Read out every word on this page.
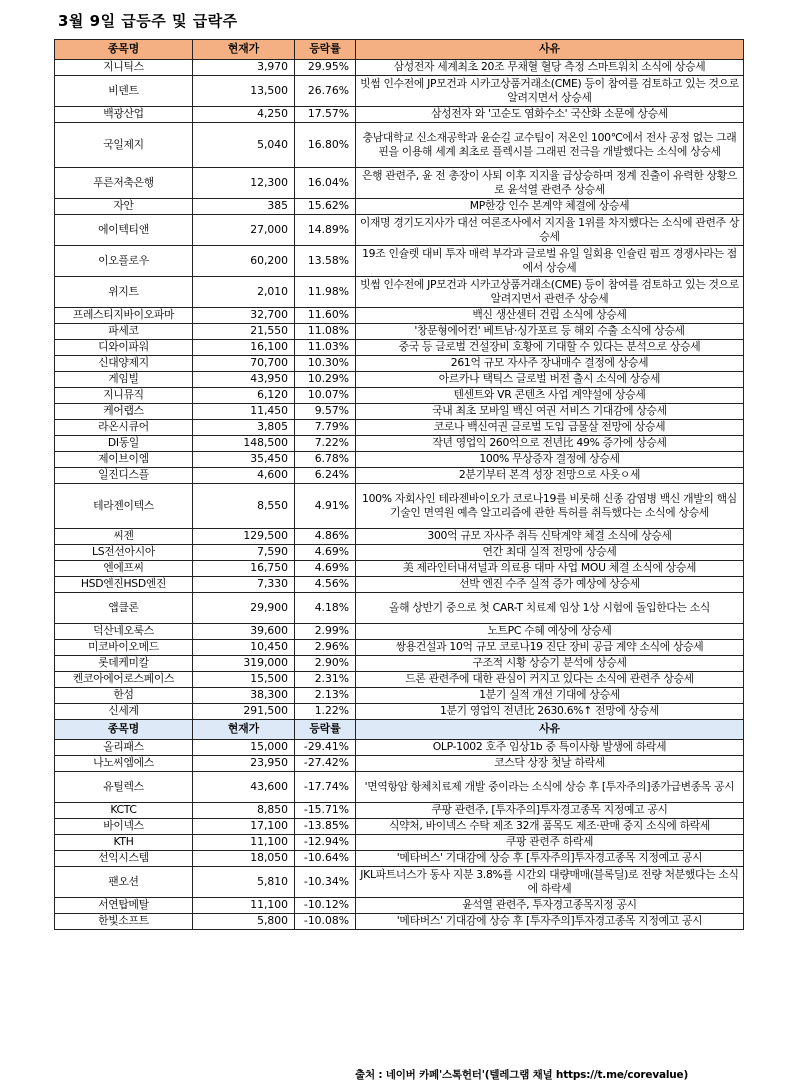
3월 9일 급등주 및 급락주
종목명	현재가	등락률	사유
지니틱스	3,970	29.95%	삼성전자 세계최초 20조 무채혈 혈당 측정 스마트워치 소식에 상승세
비덴트	13,500	26.76%	빗썸 인수전에 JP모건과 시카고상품거래소(CME) 등이 참여를 검토하고 있는 것으로 알려지면서 상승세
백광산업	4,250	17.57%	삼성전자 와 '고순도 염화수소' 국산화 소문에 상승세
국일제지	5,040	16.80%	충남대학교 신소재공학과 윤순길 교수팀이 저온인 100℃에서 전사 공정 없는 그래핀을 이용해 세계 최초로 플렉시블 그래핀 전극을 개발했다는 소식에 상승세
푸른저축은행	12,300	16.04%	은행 관련주, 윤 전 총장이 사퇴 이후 지지율 급상승하며 정계 진출이 유력한 상황으로 윤석열 관련주 상승세
자안	385	15.62%	MP한강 인수 본계약 체결에 상승세
에이텍티앤	27,000	14.89%	이재명 경기도지사가 대선 여론조사에서 지지율 1위를 차지했다는 소식에 관련주 상승세
이오플로우	60,200	13.58%	19조 인슐렛 대비 투자 매력 부각과 글로벌 유일 일회용 인슐린 펌프 경쟁사라는 점에서 상승세
위지트	2,010	11.98%	빗썸 인수전에 JP모건과 시카고상품거래소(CME) 등이 참여를 검토하고 있는 것으로 알려지면서 관련주 상승세
프레스티지바이오파마	32,700	11.60%	백신 생산센터 건립 소식에 상승세
파세코	21,550	11.08%	'창문형에어컨' 베트남·싱가포르 등 해외 수출 소식에 상승세
디와이파워	16,100	11.03%	중국 등 글로벌 건설장비 호황에 기대할 수 있다는 분석으로 상승세
신대양제지	70,700	10.30%	261억 규모 자사주 장내매수 결정에 상승세
게임빌	43,950	10.29%	아르카나 택틱스 글로벌 버전 출시 소식에 상승세
지니뮤직	6,120	10.07%	텐센트와 VR 콘텐츠 사업 계약설에 상승세
케어랩스	11,450	9.57%	국내 최초 모바일 백신 여권 서비스 기대감에 상승세
라온시큐어	3,805	7.79%	코로나 백신여권 글로벌 도입 급물살 전망에 상승세
DI동일	148,500	7.22%	작년 영업익 260억으로 전년比 49% 증가에 상승세
제이브이엠	35,450	6.78%	100% 무상증자 결정에 상승세
일진디스플	4,600	6.24%	2분기부터 본격 성장 전망으로 사옷ㅇ세
테라젠이텍스	8,550	4.91%	100% 자회사인 테라젠바이오가 코로나19를 비롯해 신종 감염병 백신 개발의 핵심 기술인 면역원 예측 알고리즘에 관한 특허를 취득했다는 소식에 상승세
씨젠	129,500	4.86%	300억 규모 자사주 취득 신탁계약 체결 소식에 상승세
LS전선아시아	7,590	4.69%	연간 최대 실적 전망에 상승세
엔에프씨	16,750	4.69%	美 제라인터내셔널과 의료용 대마 사업 MOU 체결 소식에 상승세
HSD엔진HSD엔진	7,330	4.56%	선박 엔진 수주 실적 증가 예상에 상승세
앱클론	29,900	4.18%	올해 상반기 중으로 첫 CAR-T 치료제 임상 1상 시험에 돌입한다는 소식
덕산네오룩스	39,600	2.99%	노트PC 수혜 예상에 상승세
미코바이오메드	10,450	2.96%	쌍용건설과 10억 규모 코로나19 진단 장비 공급 계약 소식에 상승세
롯데케미칼	319,000	2.90%	구조적 시황 상승기 분석에 상승세
켄코아에어로스페이스	15,500	2.31%	드론 관련주에 대한 관심이 커지고 있다는 소식에 관련주 상승세
한섬	38,300	2.13%	1분기 실적 개선 기대에 상승세
신세계	291,500	1.22%	1분기 영업익 전년比 2630.6%↑ 전망에 상승세
종목명	현재가	등락률	사유
올리패스	15,000	-29.41%	OLP-1002 호주 임상1b 중 특이사항 발생에 하락세
나노씨엠에스	23,950	-27.42%	코스닥 상장 첫날 하락세
유틸렉스	43,600	-17.74%	'면역항암 항체치료제 개발 중이라는 소식에 상승 후 [투자주의]종가급변종목 공시
KCTC	8,850	-15.71%	쿠팡 관련주, [투자주의]투자경고종목 지정예고 공시
바이넥스	17,100	-13.85%	식약처, 바이넥스 수탁 제조 32개 품목도 제조·판매 중지 소식에 하락세
KTH	11,100	-12.94%	쿠팡 관련주 하락세
선익시스템	18,050	-10.64%	'메타버스' 기대감에 상승 후 [투자주의]투자경고종목 지정예고 공시
팬오션	5,810	-10.34%	JKL파트너스가 동사 지분 3.8%를 시간외 대량매매(블록딜)로 전량 처분했다는 소식에 하락세
서연탑메탈	11,100	-10.12%	윤석열 관련주, 투자경고종목지정 공시
한빛소프트	5,800	-10.08%	'메타버스' 기대감에 상승 후 [투자주의]투자경고종목 지정예고 공시
출처 : 네이버 카페'스톡헌터'(텔레그램 채널 https://t.me/corevalue)
